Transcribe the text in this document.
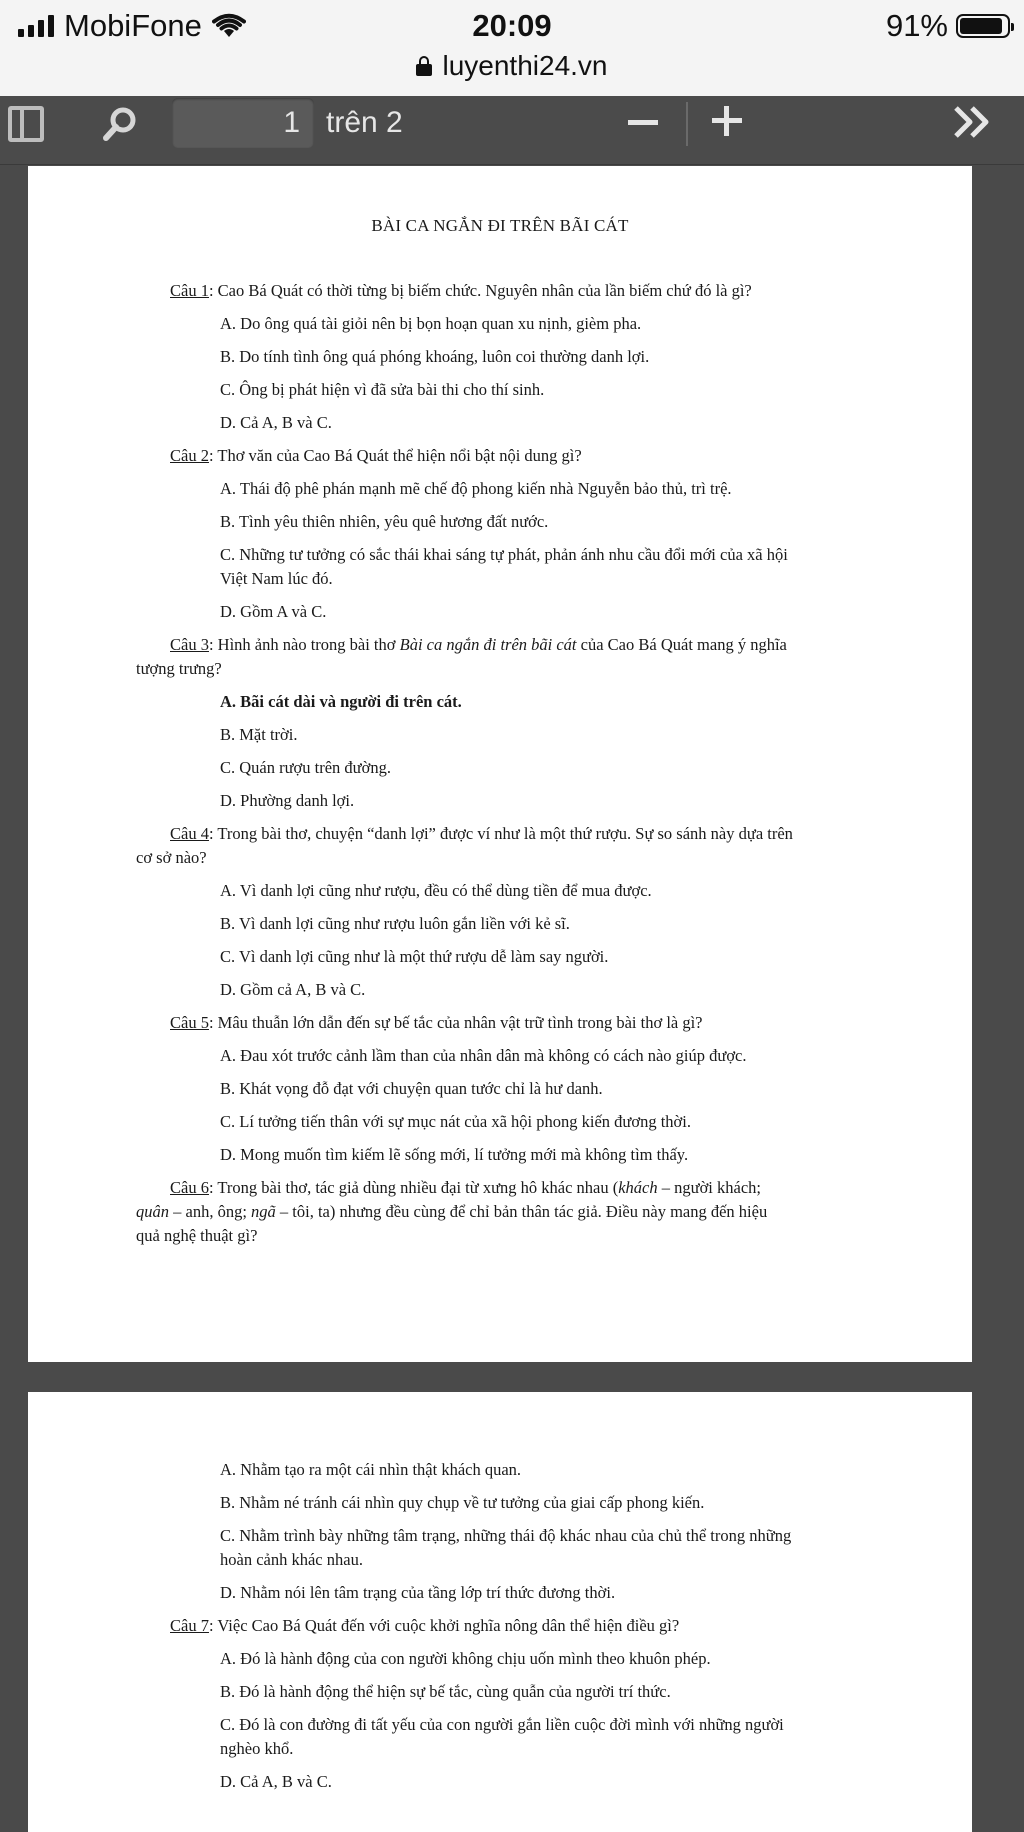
MobiFone	20:09	91%
luyenthi24.vn
1 trên 2

BÀI CA NGẮN ĐI TRÊN BÃI CÁT

Câu 1: Cao Bá Quát có thời từng bị biếm chức. Nguyên nhân của lần biếm chứ đó là gì?

A. Do ông quá tài giỏi nên bị bọn hoạn quan xu nịnh, gièm pha.

B. Do tính tình ông quá phóng khoáng, luôn coi thường danh lợi.

C. Ông bị phát hiện vì đã sửa bài thi cho thí sinh.

D. Cả A, B và C.

Câu 2: Thơ văn của Cao Bá Quát thể hiện nổi bật nội dung gì?

A. Thái độ phê phán mạnh mẽ chế độ phong kiến nhà Nguyễn bảo thủ, trì trệ.

B. Tình yêu thiên nhiên, yêu quê hương đất nước.

C. Những tư tưởng có sắc thái khai sáng tự phát, phản ánh nhu cầu đổi mới của xã hội
Việt Nam lúc đó.

D. Gồm A và C.

Câu 3: Hình ảnh nào trong bài thơ Bài ca ngắn đi trên bãi cát của Cao Bá Quát mang ý nghĩa
tượng trưng?

A. Bãi cát dài và người đi trên cát.

B. Mặt trời.

C. Quán rượu trên đường.

D. Phường danh lợi.

Câu 4: Trong bài thơ, chuyện “danh lợi” được ví như là một thứ rượu. Sự so sánh này dựa trên
cơ sở nào?

A. Vì danh lợi cũng như rượu, đều có thể dùng tiền để mua được.

B. Vì danh lợi cũng như rượu luôn gắn liền với kẻ sĩ.

C. Vì danh lợi cũng như là một thứ rượu dễ làm say người.

D. Gồm cả A, B và C.

Câu 5: Mâu thuẫn lớn dẫn đến sự bế tắc của nhân vật trữ tình trong bài thơ là gì?

A. Đau xót trước cảnh lầm than của nhân dân mà không có cách nào giúp được.

B. Khát vọng đỗ đạt với chuyện quan tước chỉ là hư danh.

C. Lí tưởng tiến thân với sự mục nát của xã hội phong kiến đương thời.

D. Mong muốn tìm kiếm lẽ sống mới, lí tưởng mới mà không tìm thấy.

Câu 6: Trong bài thơ, tác giả dùng nhiều đại từ xưng hô khác nhau (khách – người khách;
quân – anh, ông; ngã – tôi, ta) nhưng đều cùng để chỉ bản thân tác giả. Điều này mang đến hiệu
quả nghệ thuật gì?

A. Nhằm tạo ra một cái nhìn thật khách quan.

B. Nhằm né tránh cái nhìn quy chụp về tư tưởng của giai cấp phong kiến.

C. Nhằm trình bày những tâm trạng, những thái độ khác nhau của chủ thể trong những
hoàn cảnh khác nhau.

D. Nhằm nói lên tâm trạng của tầng lớp trí thức đương thời.

Câu 7: Việc Cao Bá Quát đến với cuộc khởi nghĩa nông dân thể hiện điều gì?

A. Đó là hành động của con người không chịu uốn mình theo khuôn phép.

B. Đó là hành động thể hiện sự bế tắc, cùng quẫn của người trí thức.

C. Đó là con đường đi tất yếu của con người gắn liền cuộc đời mình với những người
nghèo khổ.

D. Cả A, B và C.
